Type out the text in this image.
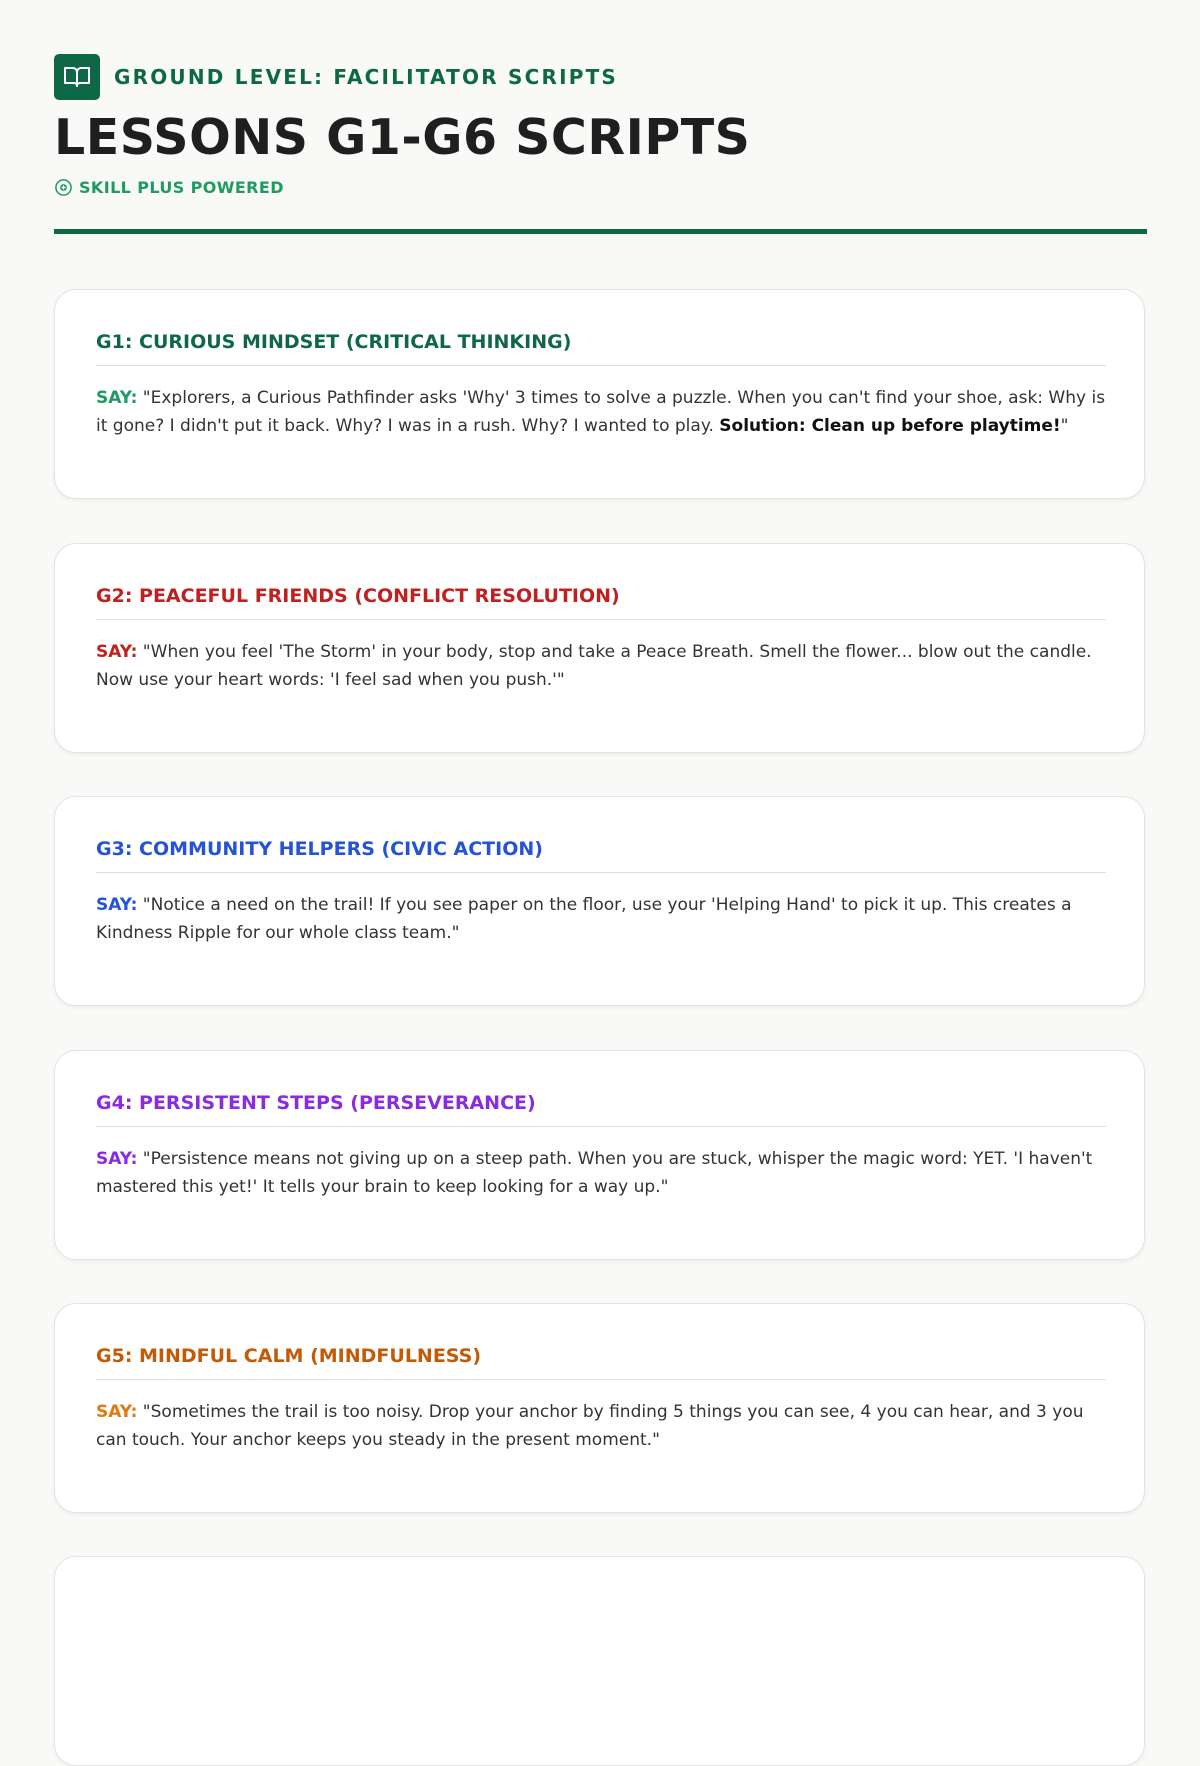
GROUND LEVEL: FACILITATOR SCRIPTS
LESSONS G1-G6 SCRIPTS
SKILL PLUS POWERED
G1: CURIOUS MINDSET (CRITICAL THINKING)

SAY: "Explorers, a Curious Pathfinder asks 'Why' 3 times to solve a puzzle. When you can't find your shoe, ask: Why is it gone? I didn't put it back. Why? I was in a rush. Why? I wanted to play. Solution: Clean up before playtime!"

G2: PEACEFUL FRIENDS (CONFLICT RESOLUTION)

SAY: "When you feel 'The Storm' in your body, stop and take a Peace Breath. Smell the flower... blow out the candle. Now use your heart words: 'I feel sad when you push.'"

G3: COMMUNITY HELPERS (CIVIC ACTION)

SAY: "Notice a need on the trail! If you see paper on the floor, use your 'Helping Hand' to pick it up. This creates a Kindness Ripple for our whole class team."

G4: PERSISTENT STEPS (PERSEVERANCE)

SAY: "Persistence means not giving up on a steep path. When you are stuck, whisper the magic word: YET. 'I haven't mastered this yet!' It tells your brain to keep looking for a way up."

G5: MINDFUL CALM (MINDFULNESS)

SAY: "Sometimes the trail is too noisy. Drop your anchor by finding 5 things you can see, 4 you can hear, and 3 you can touch. Your anchor keeps you steady in the present moment."
